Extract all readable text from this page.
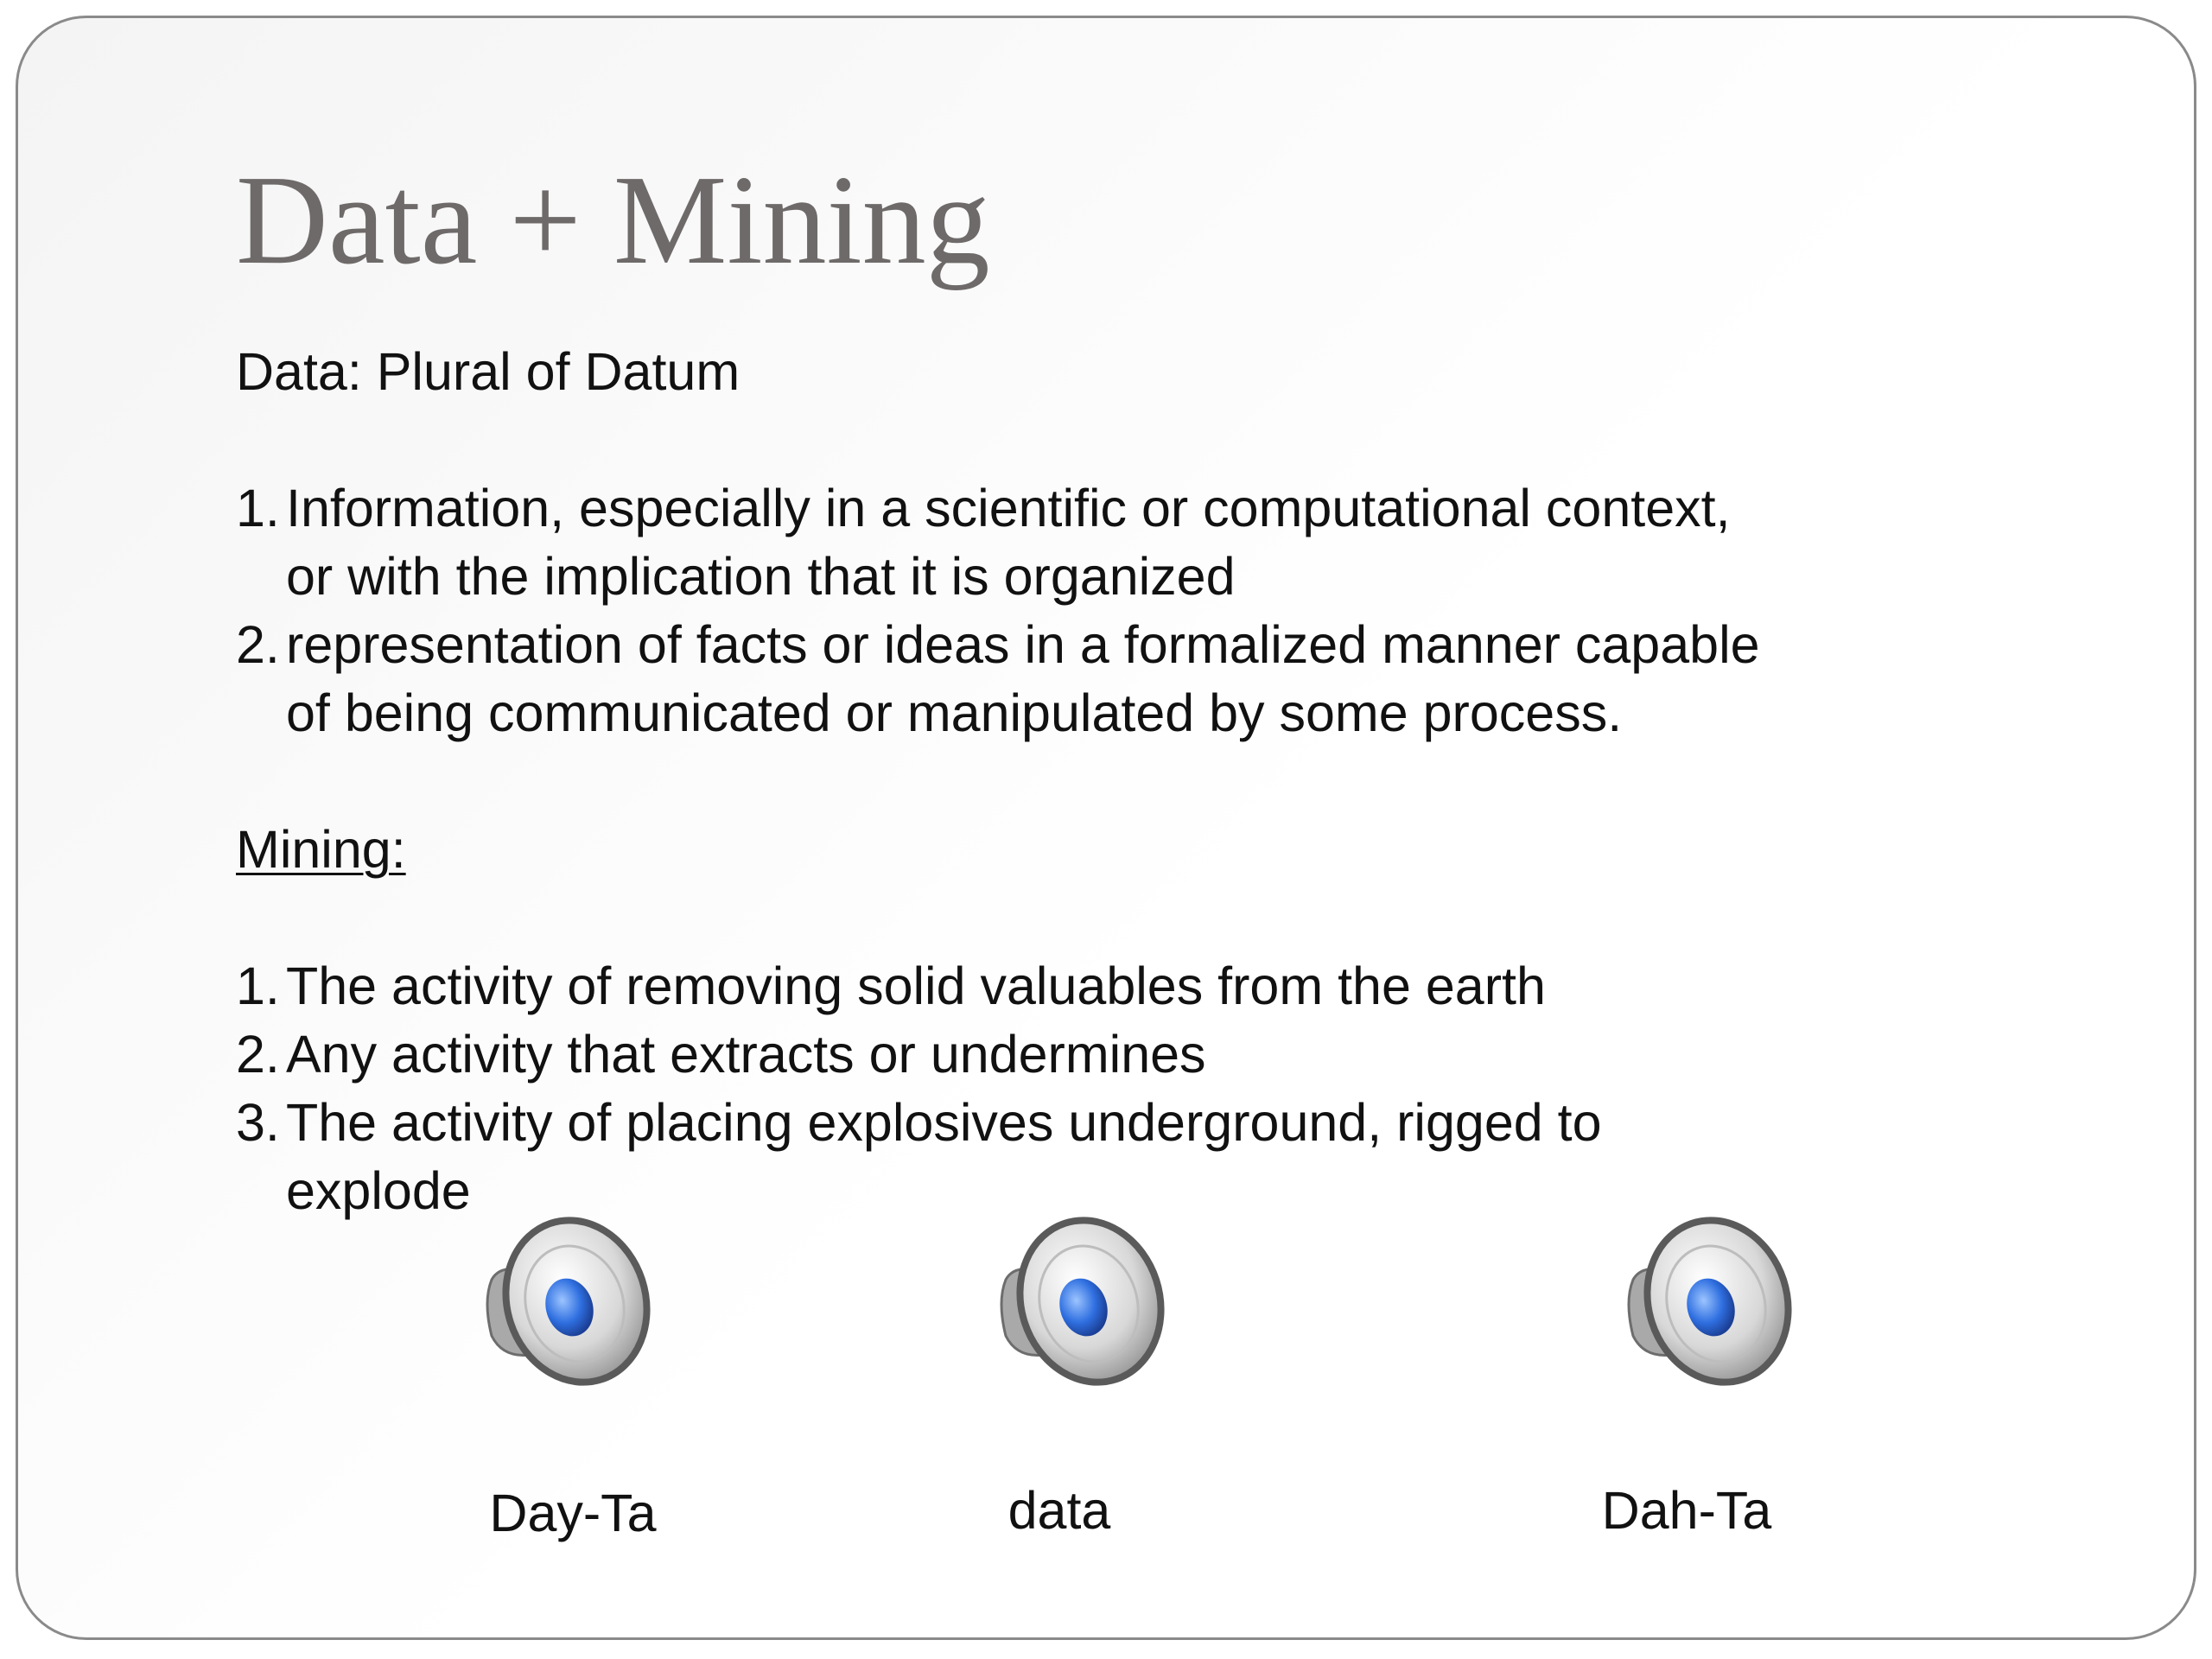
Data + Mining

Data: Plural of Datum

1. Information, especially in a scientific or computational context,
or with the implication that it is organized
2. representation of facts or ideas in a formalized manner capable
of being communicated or manipulated by some process.

Mining:

1. The activity of removing solid valuables from the earth
2. Any activity that extracts or undermines
3. The activity of placing explosives underground, rigged to
explode
Day-Ta	data	Dah-Ta
